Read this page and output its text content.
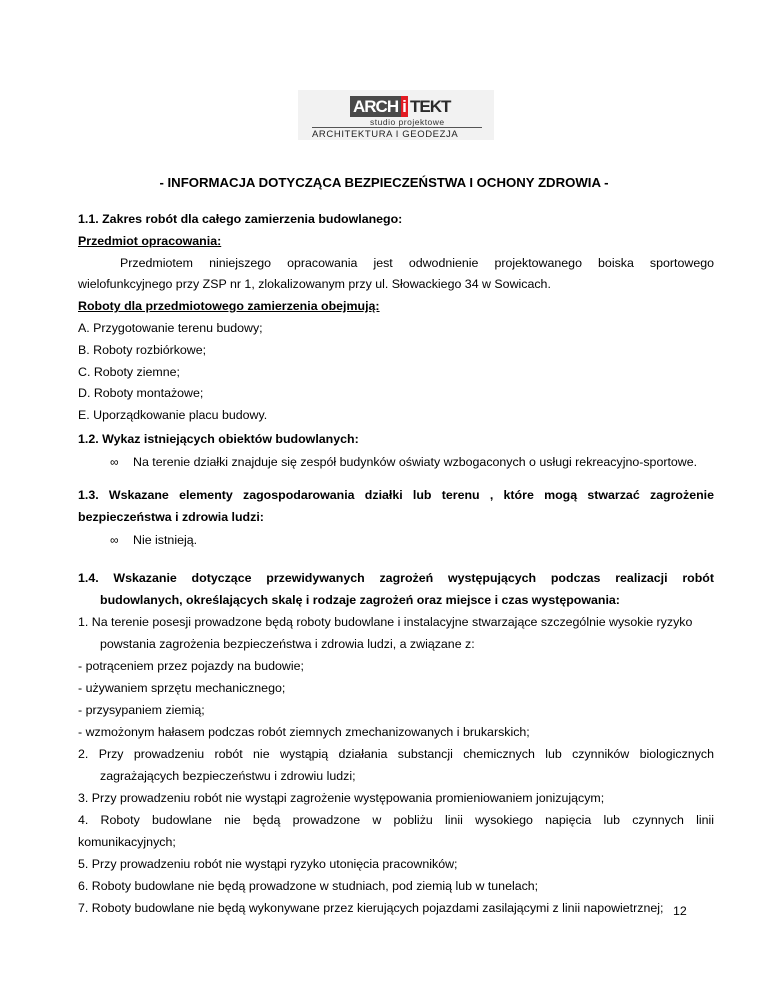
ARCH i TEKT
studio projektowe
ARCHITEKTURA I GEODEZJA
- INFORMACJA DOTYCZĄCA BEZPIECZEŃSTWA I OCHONY ZDROWIA -
1.1. Zakres robót dla całego zamierzenia budowlanego:
Przedmiot opracowania:
Przedmiotem niniejszego opracowania jest odwodnienie projektowanego boiska sportowego
wielofunkcyjnego przy ZSP nr 1, zlokalizowanym przy ul. Słowackiego 34 w Sowicach.
Roboty dla przedmiotowego zamierzenia obejmują:
A. Przygotowanie terenu budowy;
B. Roboty rozbiórkowe;
C. Roboty ziemne;
D. Roboty montażowe;
E. Uporządkowanie placu budowy.
1.2. Wykaz istniejących obiektów budowlanych:
∞ Na terenie działki znajduje się zespół budynków oświaty wzbogaconych o usługi rekreacyjno-sportowe.
1.3. Wskazane elementy zagospodarowania działki lub terenu , które mogą stwarzać zagrożenie
bezpieczeństwa i zdrowia ludzi:
∞ Nie istnieją.
1.4. Wskazanie dotyczące przewidywanych zagrożeń występujących podczas realizacji robót
budowlanych, określających skalę i rodzaje zagrożeń oraz miejsce i czas występowania:
1. Na terenie posesji prowadzone będą roboty budowlane i instalacyjne stwarzające szczególnie wysokie ryzyko
powstania zagrożenia bezpieczeństwa i zdrowia ludzi, a związane z:
- potrąceniem przez pojazdy na budowie;
- używaniem sprzętu mechanicznego;
- przysypaniem ziemią;
- wzmożonym hałasem podczas robót ziemnych zmechanizowanych i brukarskich;
2. Przy prowadzeniu robót nie wystąpią działania substancji chemicznych lub czynników biologicznych
zagrażających bezpieczeństwu i zdrowiu ludzi;
3. Przy prowadzeniu robót nie wystąpi zagrożenie występowania promieniowaniem jonizującym;
4. Roboty budowlane nie będą prowadzone w pobliżu linii wysokiego napięcia lub czynnych linii
komunikacyjnych;
5. Przy prowadzeniu robót nie wystąpi ryzyko utonięcia pracowników;
6. Roboty budowlane nie będą prowadzone w studniach, pod ziemią lub w tunelach;
7. Roboty budowlane nie będą wykonywane przez kierujących pojazdami zasilającymi z linii napowietrznej; 12
